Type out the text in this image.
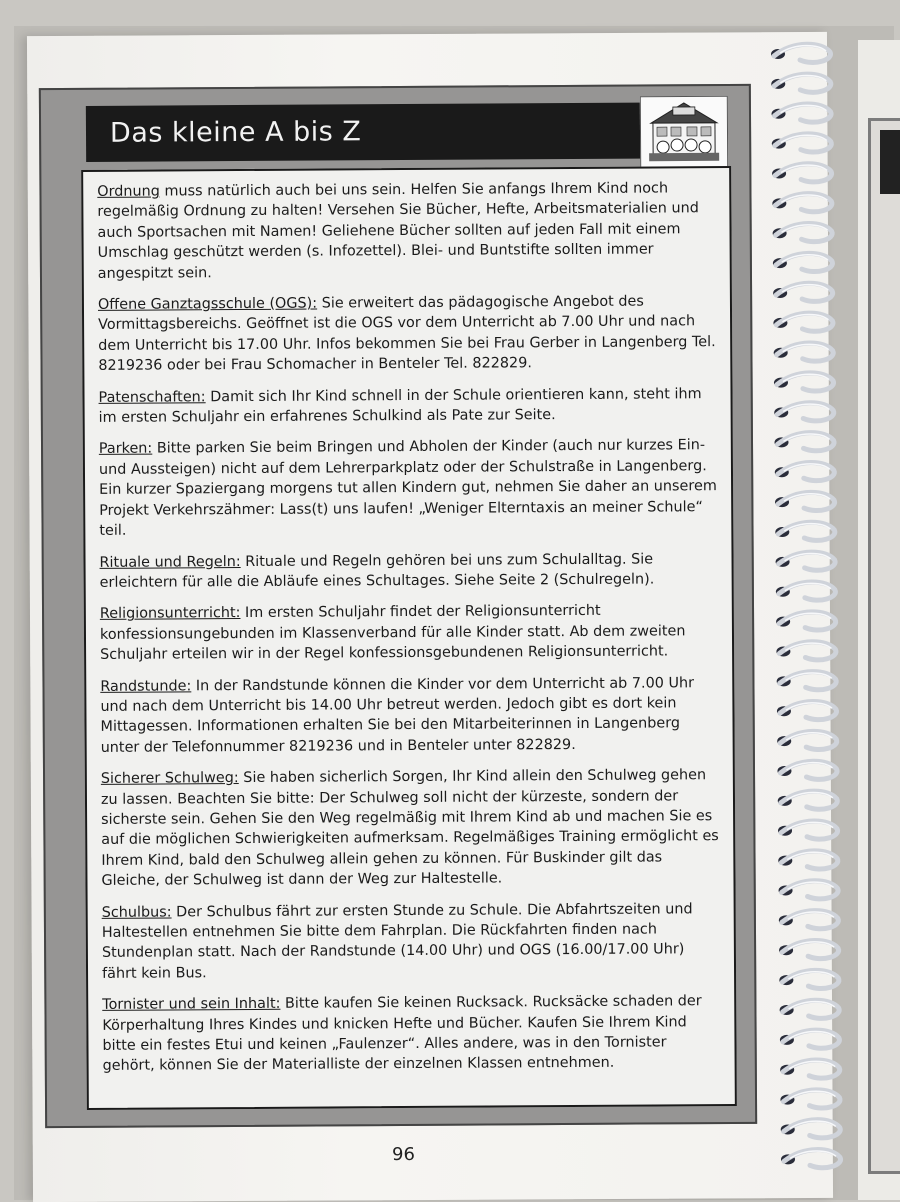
Das kleine A bis Z

Ordnung muss natürlich auch bei uns sein. Helfen Sie anfangs Ihrem Kind noch regelmäßig Ordnung zu halten! Versehen Sie Bücher, Hefte, Arbeitsmaterialien und auch Sportsachen mit Namen! Geliehene Bücher sollten auf jeden Fall mit einem Umschlag geschützt werden (s. Infozettel). Blei- und Buntstifte sollten immer angespitzt sein.

Offene Ganztagsschule (OGS): Sie erweitert das pädagogische Angebot des Vormittagsbereichs. Geöffnet ist die OGS vor dem Unterricht ab 7.00 Uhr und nach dem Unterricht bis 17.00 Uhr. Infos bekommen Sie bei Frau Gerber in Langenberg Tel. 8219236 oder bei Frau Schomacher in Benteler Tel. 822829.

Patenschaften: Damit sich Ihr Kind schnell in der Schule orientieren kann, steht ihm im ersten Schuljahr ein erfahrenes Schulkind als Pate zur Seite.

Parken: Bitte parken Sie beim Bringen und Abholen der Kinder (auch nur kurzes Ein- und Aussteigen) nicht auf dem Lehrerparkplatz oder der Schulstraße in Langenberg. Ein kurzer Spaziergang morgens tut allen Kindern gut, nehmen Sie daher an unserem Projekt Verkehrszähmer: Lass(t) uns laufen! „Weniger Elterntaxis an meiner Schule“ teil.

Rituale und Regeln: Rituale und Regeln gehören bei uns zum Schulalltag. Sie erleichtern für alle die Abläufe eines Schultages. Siehe Seite 2 (Schulregeln).

Religionsunterricht: Im ersten Schuljahr findet der Religionsunterricht konfessionsungebunden im Klassenverband für alle Kinder statt. Ab dem zweiten Schuljahr erteilen wir in der Regel konfessionsgebundenen Religionsunterricht.

Randstunde: In der Randstunde können die Kinder vor dem Unterricht ab 7.00 Uhr und nach dem Unterricht bis 14.00 Uhr betreut werden. Jedoch gibt es dort kein Mittagessen. Informationen erhalten Sie bei den Mitarbeiterinnen in Langenberg unter der Telefonnummer 8219236 und in Benteler unter 822829.

Sicherer Schulweg: Sie haben sicherlich Sorgen, Ihr Kind allein den Schulweg gehen zu lassen. Beachten Sie bitte: Der Schulweg soll nicht der kürzeste, sondern der sicherste sein. Gehen Sie den Weg regelmäßig mit Ihrem Kind ab und machen Sie es auf die möglichen Schwierigkeiten aufmerksam. Regelmäßiges Training ermöglicht es Ihrem Kind, bald den Schulweg allein gehen zu können. Für Buskinder gilt das Gleiche, der Schulweg ist dann der Weg zur Haltestelle.

Schulbus: Der Schulbus fährt zur ersten Stunde zu Schule. Die Abfahrtszeiten und Haltestellen entnehmen Sie bitte dem Fahrplan. Die Rückfahrten finden nach Stundenplan statt. Nach der Randstunde (14.00 Uhr) und OGS (16.00/17.00 Uhr) fährt kein Bus.

Tornister und sein Inhalt: Bitte kaufen Sie keinen Rucksack. Rucksäcke schaden der Körperhaltung Ihres Kindes und knicken Hefte und Bücher. Kaufen Sie Ihrem Kind bitte ein festes Etui und keinen „Faulenzer“. Alles andere, was in den Tornister gehört, können Sie der Materialliste der einzelnen Klassen entnehmen.

96
